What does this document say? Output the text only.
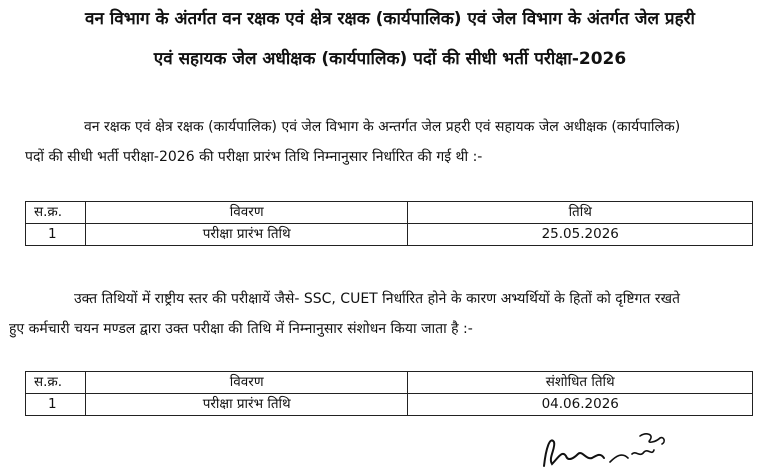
वन विभाग के अंतर्गत वन रक्षक एवं क्षेत्र रक्षक (कार्यपालिक) एवं जेल विभाग के अंतर्गत जेल प्रहरी
एवं सहायक जेल अधीक्षक (कार्यपालिक) पदों की सीधी भर्ती परीक्षा-2026
वन रक्षक एवं क्षेत्र रक्षक (कार्यपालिक) एवं जेल विभाग के अन्तर्गत जेल प्रहरी एवं सहायक जेल अधीक्षक (कार्यपालिक)
पदों की सीधी भर्ती परीक्षा-2026 की परीक्षा प्रारंभ तिथि निम्नानुसार निर्धारित की गई थी :-
स.क्र.	विवरण	तिथि
1	परीक्षा प्रारंभ तिथि	25.05.2026
उक्त तिथियों में राष्ट्रीय स्तर की परीक्षायें जैसे- SSC, CUET निर्धारित होने के कारण अभ्यर्थियों के हितों को दृष्टिगत रखते
हुए कर्मचारी चयन मण्डल द्वारा उक्त परीक्षा की तिथि में निम्नानुसार संशोधन किया जाता है :-
स.क्र.	विवरण	संशोधित तिथि
1	परीक्षा प्रारंभ तिथि	04.06.2026
